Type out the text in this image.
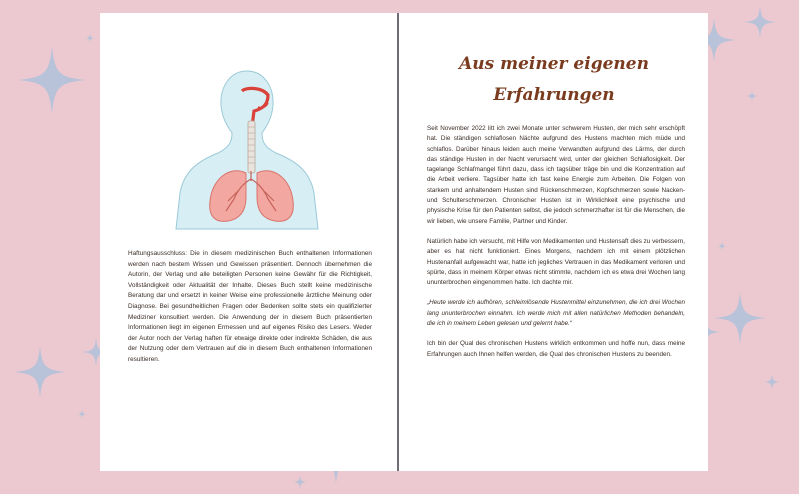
Haftungsausschluss: Die in diesem medizinischen Buch enthaltenen Informationen werden nach bestem Wissen und Gewissen präsentiert. Dennoch übernehmen die Autorin, der Verlag und alle beteiligten Personen keine Gewähr für die Richtigkeit, Vollständigkeit oder Aktualität der Inhalte. Dieses Buch stellt keine medizinische Beratung dar und ersetzt in keiner Weise eine professionelle ärztliche Meinung oder Diagnose. Bei gesundheitlichen Fragen oder Bedenken sollte stets ein qualifizierter Mediziner konsultiert werden. Die Anwendung der in diesem Buch präsentierten Informationen liegt im eigenen Ermessen und auf eigenes Risiko des Lesers. Weder der Autor noch der Verlag haften für etwaige direkte oder indirekte Schäden, die aus der Nutzung oder dem Vertrauen auf die in diesem Buch enthaltenen Informationen resultieren.

Aus meiner eigenen
Erfahrungen

Seit November 2022 litt ich zwei Monate unter schwerem Husten, der mich sehr erschöpft hat. Die ständigen schlaflosen Nächte aufgrund des Hustens machten mich müde und schlaflos. Darüber hinaus leiden auch meine Verwandten aufgrund des Lärms, der durch das ständige Husten in der Nacht verursacht wird, unter der gleichen Schlaflosigkeit. Der tagelange Schlafmangel führt dazu, dass ich tagsüber träge bin und die Konzentration auf die Arbeit verliere. Tagsüber hatte ich fast keine Energie zum Arbeiten. Die Folgen von starkem und anhaltendem Husten sind Rückenschmerzen, Kopfschmerzen sowie Nacken- und Schulterschmerzen. Chronischer Husten ist in Wirklichkeit eine psychische und physische Krise für den Patienten selbst, die jedoch schmerzhafter ist für die Menschen, die wir lieben, wie unsere Familie, Partner und Kinder.

Natürlich habe ich versucht, mit Hilfe von Medikamenten und Hustensaft dies zu verbessern, aber es hat nicht funktioniert. Eines Morgens, nachdem ich mit einem plötzlichen Hustenanfall aufgewacht war, hatte ich jegliches Vertrauen in das Medikament verloren und spürte, dass in meinem Körper etwas nicht stimmte, nachdem ich es etwa drei Wochen lang ununterbrochen eingenommen hatte. Ich dachte mir.

„Heute werde ich aufhören, schleimlösende Hustenmittel einzunehmen, die ich drei Wochen lang ununterbrochen einnahm. Ich werde mich mit allen natürlichen Methoden behandeln, die ich in meinem Leben gelesen und gelernt habe.“

Ich bin der Qual des chronischen Hustens wirklich entkommen und hoffe nun, dass meine Erfahrungen auch Ihnen helfen werden, die Qual des chronischen Hustens zu beenden.
